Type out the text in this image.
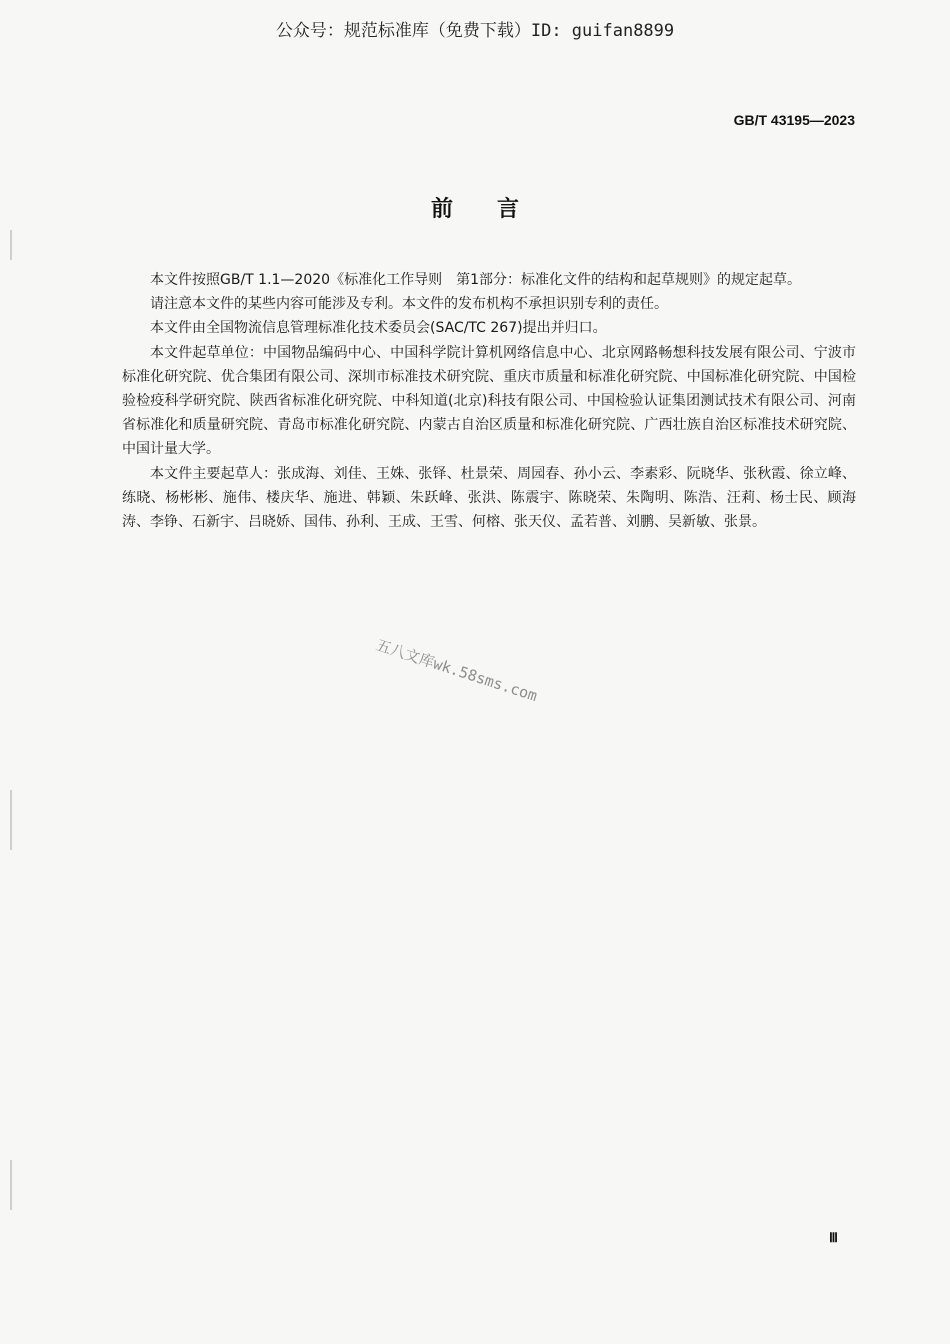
公众号：规范标准库（免费下载）ID: guifan8899
GB/T 43195—2023
前言

本文件按照GB/T 1.1—2020《标准化工作导则　第1部分：标准化文件的结构和起草规则》的规定起草。

请注意本文件的某些内容可能涉及专利。本文件的发布机构不承担识别专利的责任。

本文件由全国物流信息管理标准化技术委员会(SAC/TC 267)提出并归口。

本文件起草单位：中国物品编码中心、中国科学院计算机网络信息中心、北京网路畅想科技发展有限公司、宁波市标准化研究院、优合集团有限公司、深圳市标准技术研究院、重庆市质量和标准化研究院、中国标准化研究院、中国检验检疫科学研究院、陕西省标准化研究院、中科知道(北京)科技有限公司、中国检验认证集团测试技术有限公司、河南省标准化和质量研究院、青岛市标准化研究院、内蒙古自治区质量和标准化研究院、广西壮族自治区标准技术研究院、中国计量大学。

本文件主要起草人：张成海、刘佳、王姝、张铎、杜景荣、周园春、孙小云、李素彩、阮晓华、张秋霞、徐立峰、练晓、杨彬彬、施伟、楼庆华、施进、韩颖、朱跃峰、张洪、陈震宇、陈晓荣、朱陶明、陈浩、汪莉、杨士民、顾海涛、李铮、石新宇、吕晓娇、国伟、孙利、王成、王雪、何榕、张天仪、孟若普、刘鹏、吴新敏、张景。

五八文库wk.58sms.com
Ⅲ
